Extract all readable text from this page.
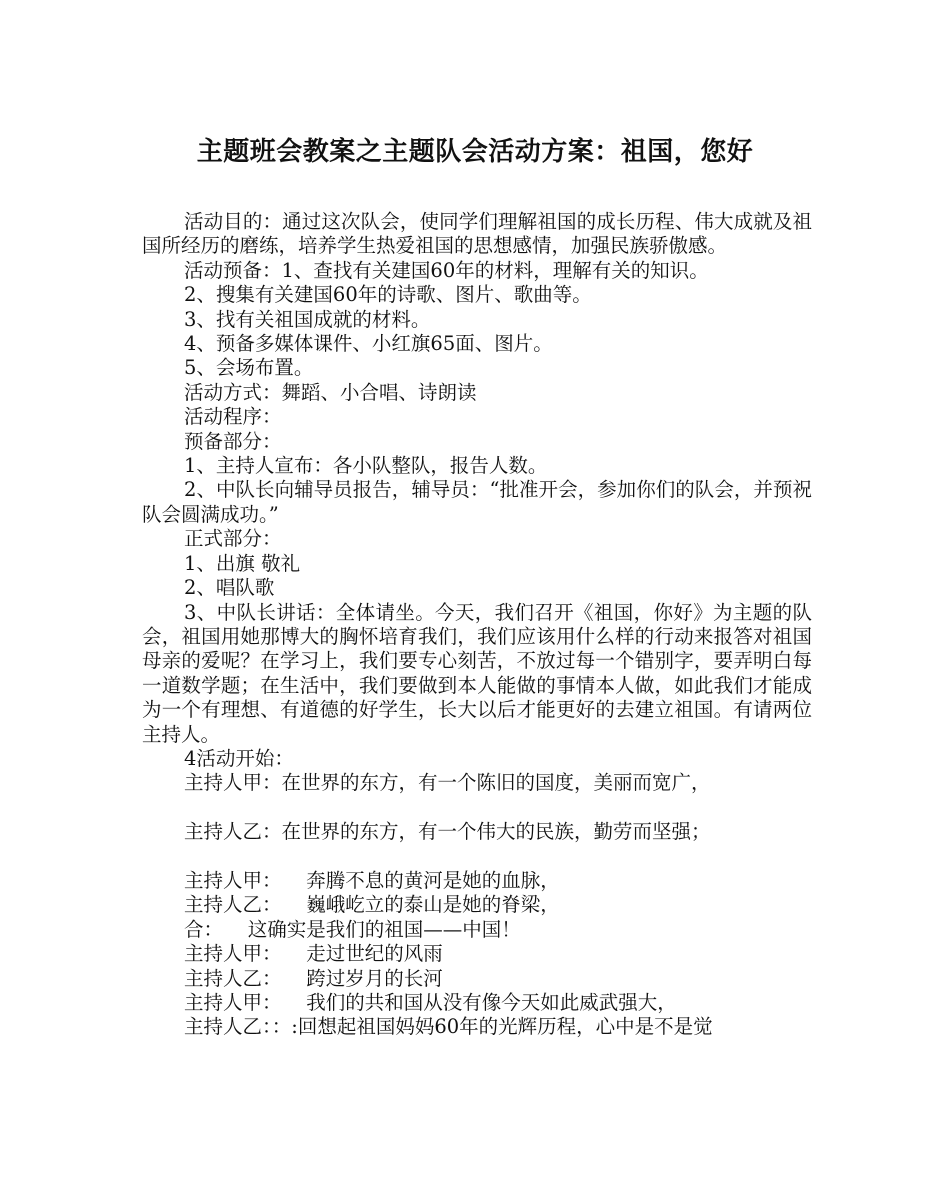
主题班会教案之主题队会活动方案：祖国，您好

活动目的：通过这次队会，使同学们理解祖国的成长历程、伟大成就及祖国所经历的磨练，培养学生热爱祖国的思想感情，加强民族骄傲感。

活动预备：1、查找有关建国60年的材料，理解有关的知识。

2、搜集有关建国60年的诗歌、图片、歌曲等。

3、找有关祖国成就的材料。

4、预备多媒体课件、小红旗65面、图片。

5、会场布置。

活动方式：舞蹈、小合唱、诗朗读

活动程序：

预备部分：

1、主持人宣布：各小队整队，报告人数。

2、中队长向辅导员报告，辅导员：“批准开会，参加你们的队会，并预祝队会圆满成功。”

正式部分：

1、出旗 敬礼

2、唱队歌

3、中队长讲话：全体请坐。今天，我们召开《祖国，你好》为主题的队会，祖国用她那博大的胸怀培育我们，我们应该用什么样的行动来报答对祖国母亲的爱呢？在学习上，我们要专心刻苦，不放过每一个错别字，要弄明白每一道数学题；在生活中，我们要做到本人能做的事情本人做，如此我们才能成为一个有理想、有道德的好学生，长大以后才能更好的去建立祖国。有请两位主持人。

4活动开始：

主持人甲：在世界的东方，有一个陈旧的国度，美丽而宽广，

主持人乙：在世界的东方，有一个伟大的民族，勤劳而坚强；

主持人甲：    奔腾不息的黄河是她的血脉，

主持人乙：    巍峨屹立的泰山是她的脊梁，

合：    这确实是我们的祖国——中国！

主持人甲：    走过世纪的风雨

主持人乙：    跨过岁月的长河

主持人甲：    我们的共和国从没有像今天如此威武强大，

主持人乙：：:回想起祖国妈妈60年的光辉历程，心中是不是觉
